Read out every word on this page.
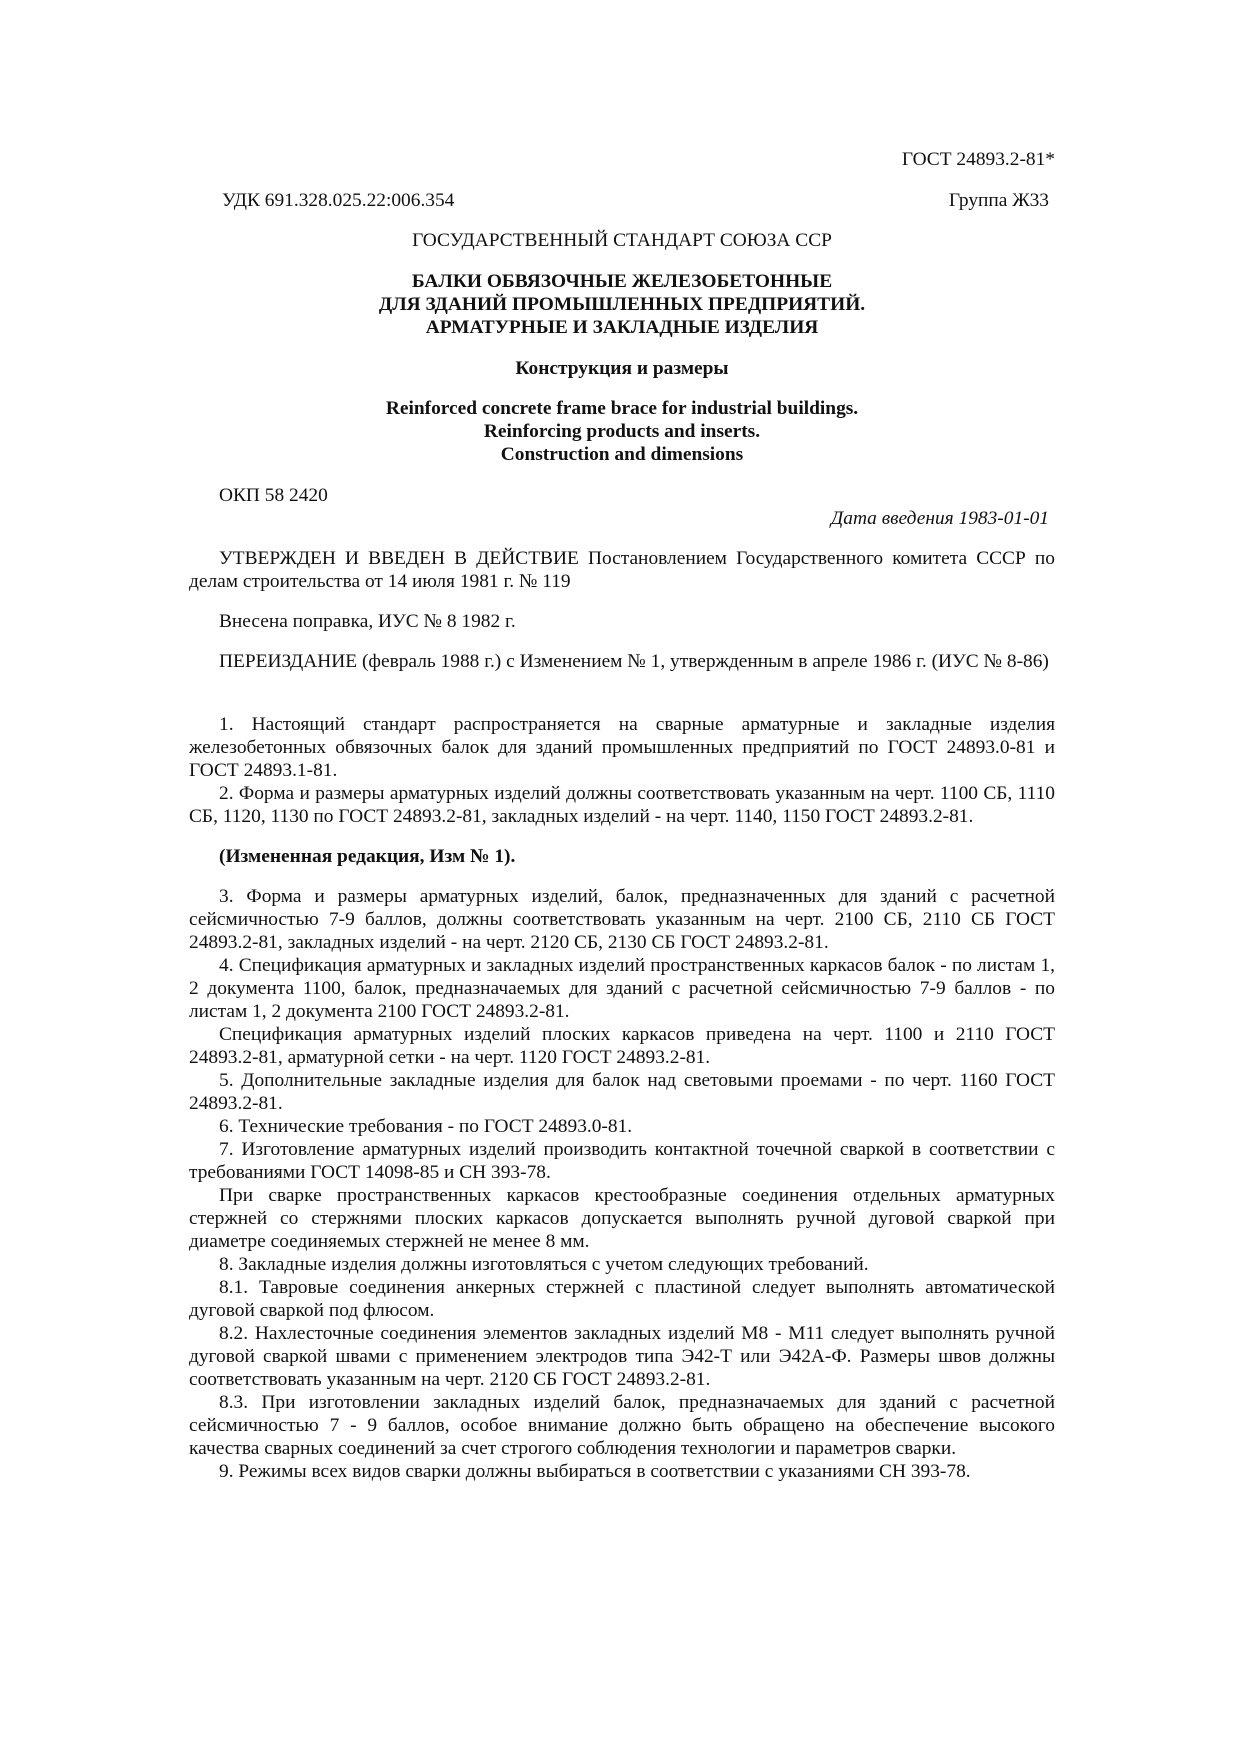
ГОСТ 24893.2-81*

УДК 691.328.025.22:006.354	Группа Ж33

ГОСУДАРСТВЕННЫЙ СТАНДАРТ СОЮЗА ССР

БАЛКИ ОБВЯЗОЧНЫЕ ЖЕЛЕЗОБЕТОННЫЕ
ДЛЯ ЗДАНИЙ ПРОМЫШЛЕННЫХ ПРЕДПРИЯТИЙ.
АРМАТУРНЫЕ И ЗАКЛАДНЫЕ ИЗДЕЛИЯ

Конструкция и размеры

Reinforced concrete frame brace for industrial buildings.
Reinforcing products and inserts.
Construction and dimensions

ОКП 58 2420

Дата введения 1983-01-01

УТВЕРЖДЕН И ВВЕДЕН В ДЕЙСТВИЕ Постановлением Государственного комитета СССР по делам строительства от 14 июля 1981 г. № 119

Внесена поправка, ИУС № 8 1982 г.

ПЕРЕИЗДАНИЕ (февраль 1988 г.) с Изменением № 1, утвержденным в апреле 1986 г. (ИУС № 8-86)

1. Настоящий стандарт распространяется на сварные арматурные и закладные изделия железобетонных обвязочных балок для зданий промышленных предприятий по ГОСТ 24893.0-81 и ГОСТ 24893.1-81.

2. Форма и размеры арматурных изделий должны соответствовать указанным на черт. 1100 СБ, 1110 СБ, 1120, 1130 по ГОСТ 24893.2-81, закладных изделий - на черт. 1140, 1150 ГОСТ 24893.2-81.

(Измененная редакция, Изм № 1).

3. Форма и размеры арматурных изделий, балок, предназначенных для зданий с расчетной сейсмичностью 7-9 баллов, должны соответствовать указанным на черт. 2100 СБ, 2110 СБ ГОСТ 24893.2-81, закладных изделий - на черт. 2120 СБ, 2130 СБ ГОСТ 24893.2-81.

4. Спецификация арматурных и закладных изделий пространственных каркасов балок - по листам 1, 2 документа 1100, балок, предназначаемых для зданий с расчетной сейсмичностью 7-9 баллов - по листам 1, 2 документа 2100 ГОСТ 24893.2-81.

Спецификация арматурных изделий плоских каркасов приведена на черт. 1100 и 2110 ГОСТ 24893.2-81, арматурной сетки - на черт. 1120 ГОСТ 24893.2-81.

5. Дополнительные закладные изделия для балок над световыми проемами - по черт. 1160 ГОСТ 24893.2-81.

6. Технические требования - по ГОСТ 24893.0-81.

7. Изготовление арматурных изделий производить контактной точечной сваркой в соответствии с требованиями ГОСТ 14098-85 и СН 393-78.

При сварке пространственных каркасов крестообразные соединения отдельных арматурных стержней со стержнями плоских каркасов допускается выполнять ручной дуговой сваркой при диаметре соединяемых стержней не менее 8 мм.

8. Закладные изделия должны изготовляться с учетом следующих требований.

8.1. Тавровые соединения анкерных стержней с пластиной следует выполнять автоматической дуговой сваркой под флюсом.

8.2. Нахлесточные соединения элементов закладных изделий М8 - М11 следует выполнять ручной дуговой сваркой швами с применением электродов типа Э42-Т или Э42А-Ф. Размеры швов должны соответствовать указанным на черт. 2120 СБ ГОСТ 24893.2-81.

8.3. При изготовлении закладных изделий балок, предназначаемых для зданий с расчетной сейсмичностью 7 - 9 баллов, особое внимание должно быть обращено на обеспечение высокого качества сварных соединений за счет строгого соблюдения технологии и параметров сварки.

9. Режимы всех видов сварки должны выбираться в соответствии с указаниями СН 393-78.
